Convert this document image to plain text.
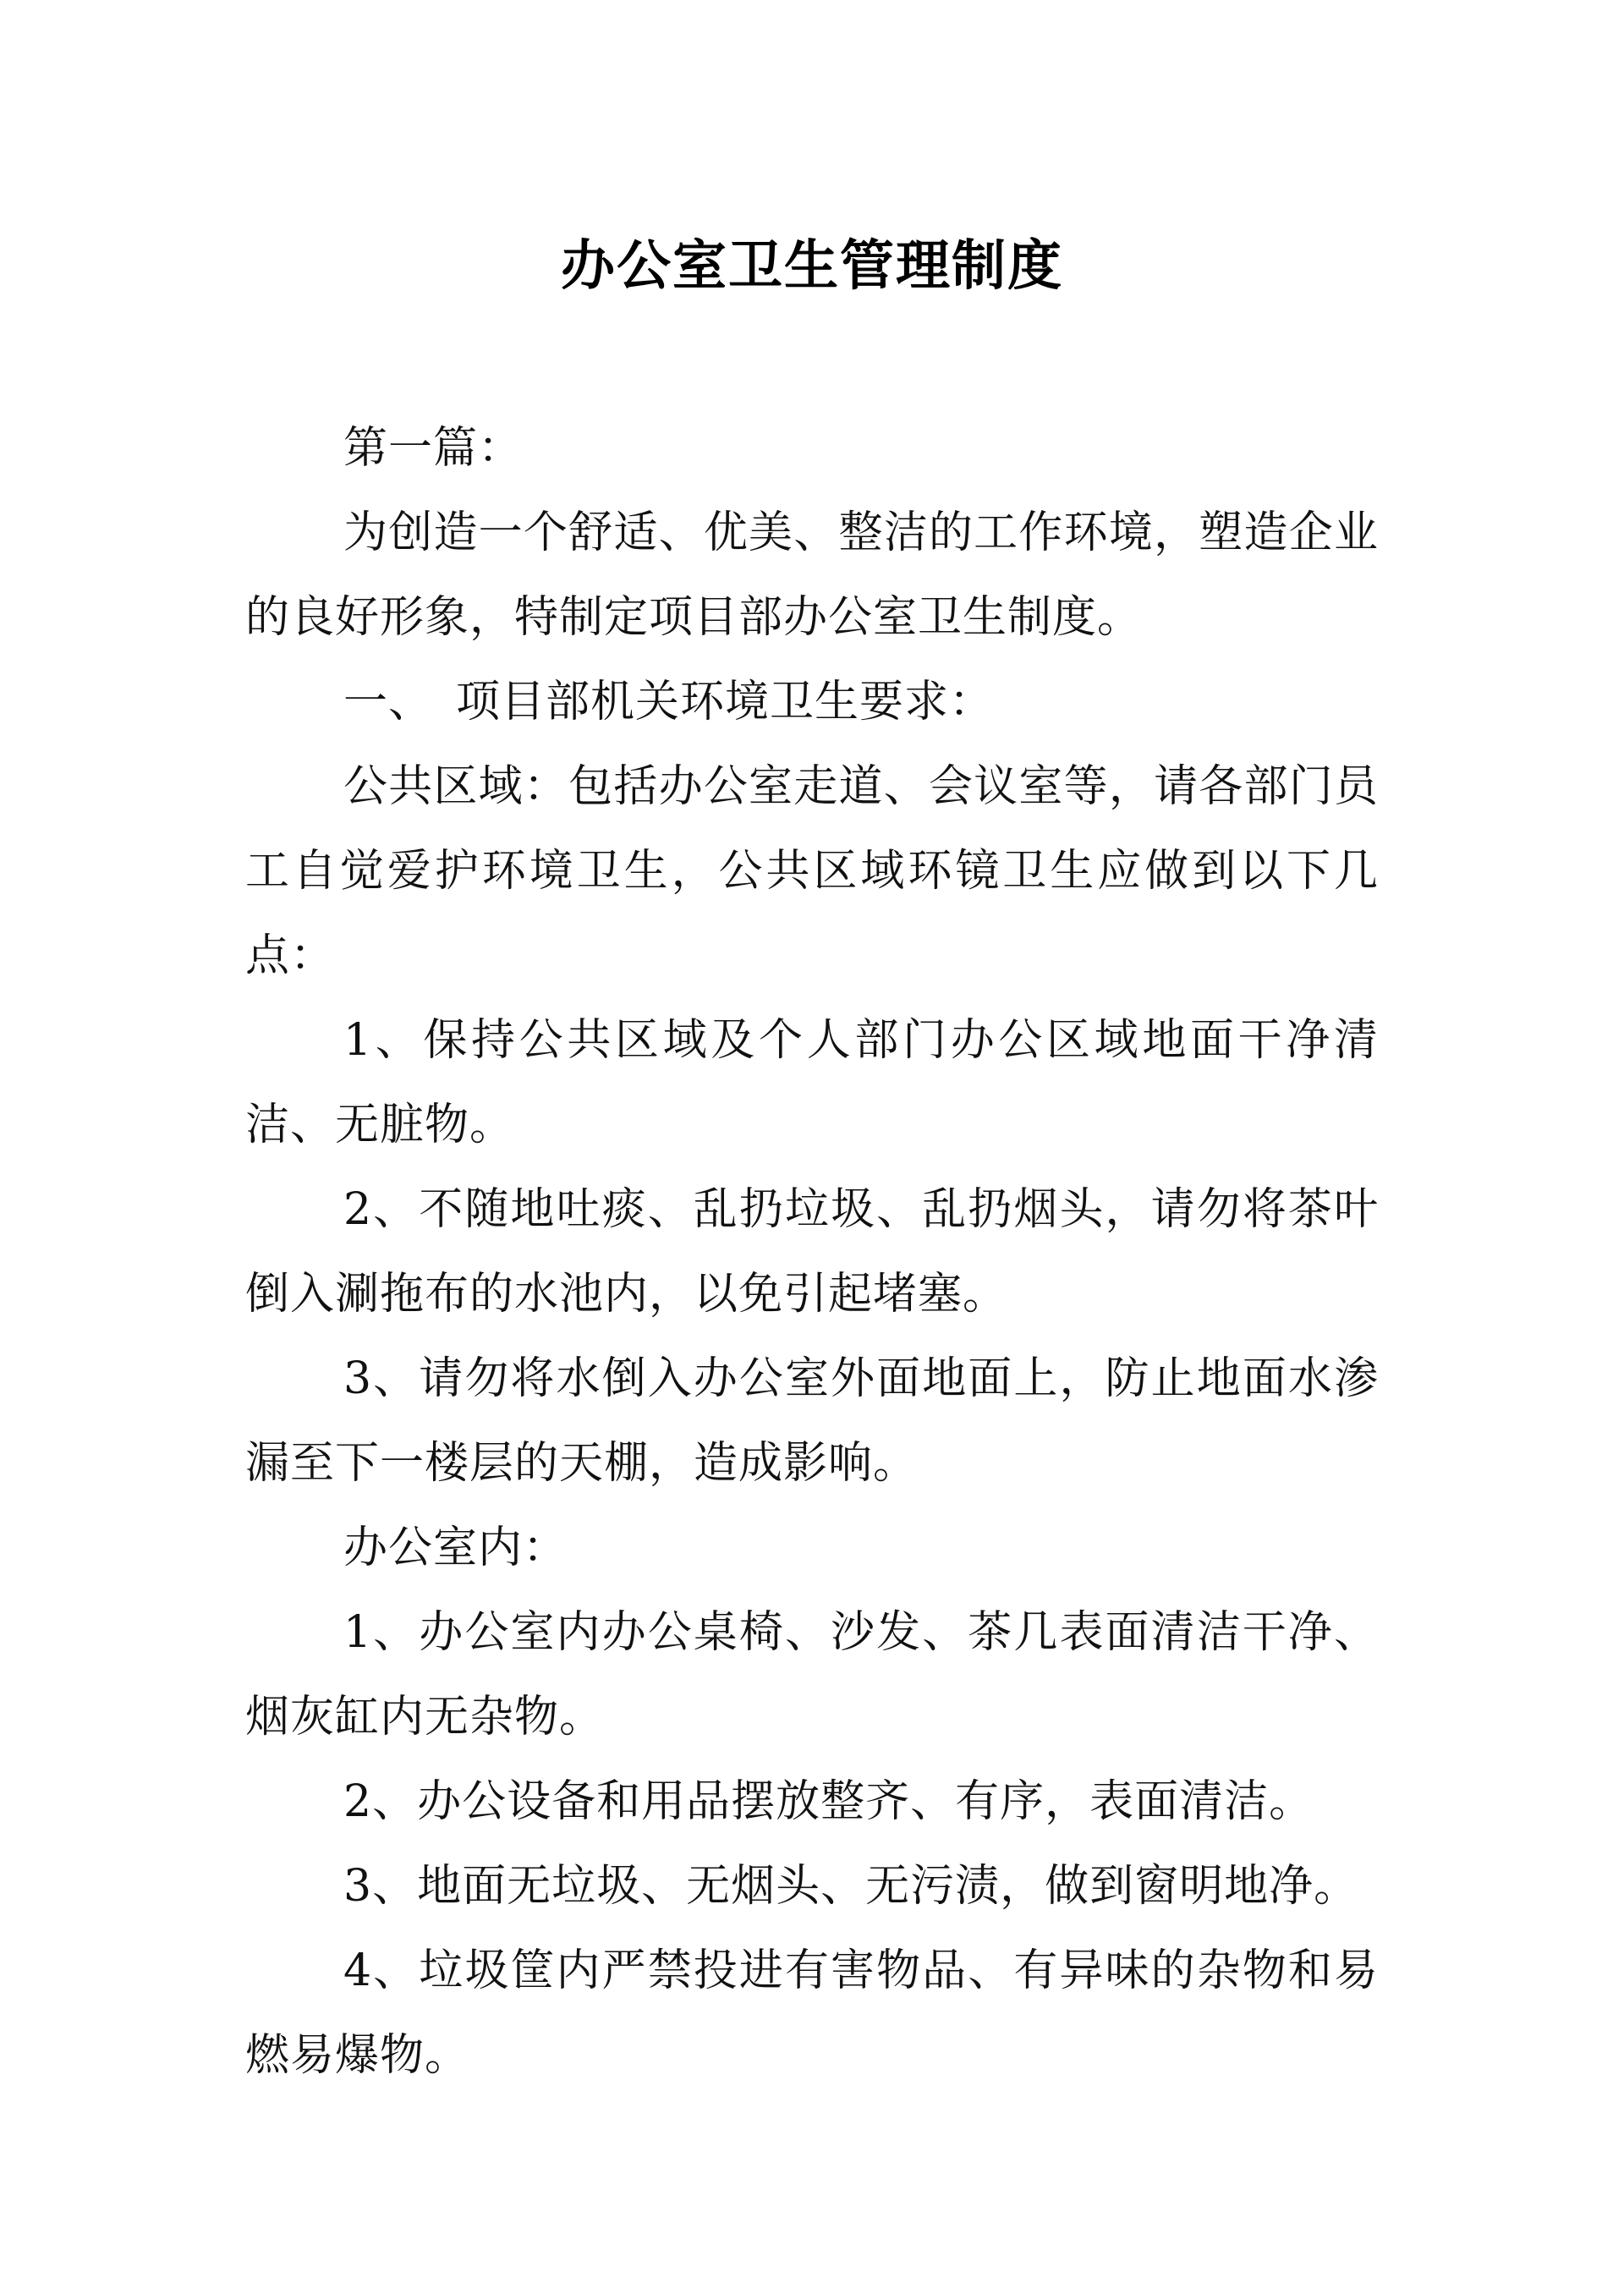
办公室卫生管理制度

第一篇：

为创造一个舒适、优美、整洁的工作环境，塑造企业的良好形象，特制定项目部办公室卫生制度。

一、　项目部机关环境卫生要求：

公共区域：包括办公室走道、会议室等，请各部门员工自觉爱护环境卫生，公共区域环镜卫生应做到以下几点：

1、保持公共区域及个人部门办公区域地面干净清洁、无脏物。

2、不随地吐痰、乱扔垃圾、乱扔烟头，请勿将茶叶倒入涮拖布的水池内，以免引起堵塞。

3、请勿将水倒入办公室外面地面上，防止地面水渗漏至下一楼层的天棚，造成影响。

办公室内：

1、办公室内办公桌椅、沙发、茶几表面清洁干净、烟灰缸内无杂物。

2、办公设备和用品摆放整齐、有序，表面清洁。

3、地面无垃圾、无烟头、无污渍，做到窗明地净。

4、垃圾筐内严禁投进有害物品、有异味的杂物和易燃易爆物。
